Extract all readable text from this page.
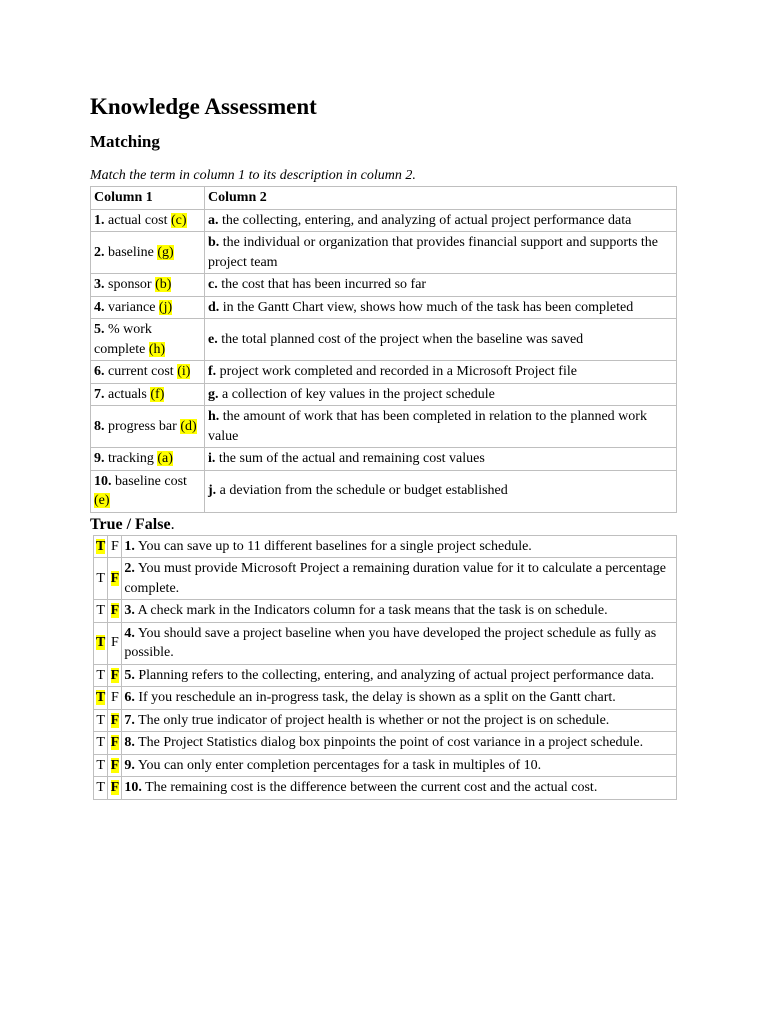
Knowledge Assessment
Matching

Match the term in column 1 to its description in column 2.

Column 1	Column 2
1. actual cost (c)	a. the collecting, entering, and analyzing of actual project performance data
2. baseline (g)	b. the individual or organization that provides financial support and supports the project team
3. sponsor (b)	c. the cost that has been incurred so far
4. variance (j)	d. in the Gantt Chart view, shows how much of the task has been completed
5. % work complete (h)	e. the total planned cost of the project when the baseline was saved
6. current cost (i)	f. project work completed and recorded in a Microsoft Project file
7. actuals (f)	g. a collection of key values in the project schedule
8. progress bar (d)	h. the amount of work that has been completed in relation to the planned work value
9. tracking (a)	i. the sum of the actual and remaining cost values
10. baseline cost (e)	j. a deviation from the schedule or budget established
True / False.
T	F	1. You can save up to 11 different baselines for a single project schedule.
T	F	2. You must provide Microsoft Project a remaining duration value for it to calculate a percentage complete.
T	F	3. A check mark in the Indicators column for a task means that the task is on schedule.
T	F	4. You should save a project baseline when you have developed the project schedule as fully as possible.
T	F	5. Planning refers to the collecting, entering, and analyzing of actual project performance data.
T	F	6. If you reschedule an in-progress task, the delay is shown as a split on the Gantt chart.
T	F	7. The only true indicator of project health is whether or not the project is on schedule.
T	F	8. The Project Statistics dialog box pinpoints the point of cost variance in a project schedule.
T	F	9. You can only enter completion percentages for a task in multiples of 10.
T	F	10. The remaining cost is the difference between the current cost and the actual cost.
